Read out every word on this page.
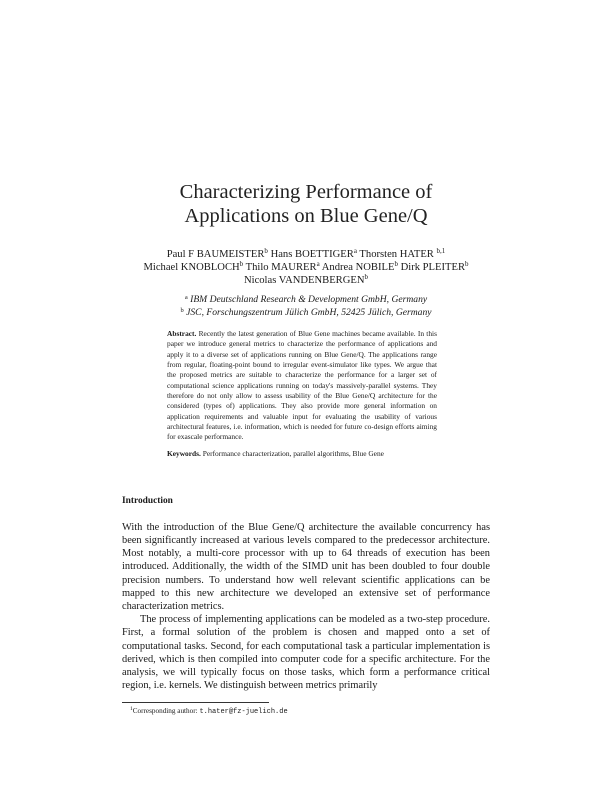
Characterizing Performance of
Applications on Blue Gene/Q
Paul F BAUMEISTER$^b$ Hans BOETTIGER$^a$ Thorsten HATER $^{b,1}$
Michael KNOBLOCH$^b$ Thilo MAURER$^a$ Andrea NOBILE$^b$ Dirk PLEITER$^b$
Nicolas VANDENBERGEN$^b$
$^a$ IBM Deutschland Research & Development GmbH, Germany
$^b$ JSC, Forschungszentrum Jülich GmbH, 52425 Jülich, Germany
Abstract. Recently the latest generation of Blue Gene machines became available. In this paper we introduce general metrics to characterize the performance of applications and apply it to a diverse set of applications running on Blue Gene/Q. The applications range from regular, floating-point bound to irregular event-simulator like types. We argue that the proposed metrics are suitable to characterize the performance for a larger set of computational science applications running on today's massively-parallel systems. They therefore do not only allow to assess usability of the Blue Gene/Q architecture for the considered (types of) applications. They also provide more general information on application requirements and valuable input for evaluating the usability of various architectural features, i.e. information, which is needed for future co-design efforts aiming for exascale performance.
Keywords. Performance characterization, parallel algorithms, Blue Gene
Introduction

With the introduction of the Blue Gene/Q architecture the available concurrency has been significantly increased at various levels compared to the predecessor architecture. Most notably, a multi-core processor with up to 64 threads of execution has been introduced. Additionally, the width of the SIMD unit has been doubled to four double precision numbers. To understand how well relevant scientific applications can be mapped to this new architecture we developed an extensive set of performance characterization metrics.

The process of implementing applications can be modeled as a two-step procedure. First, a formal solution of the problem is chosen and mapped onto a set of computational tasks. Second, for each computational task a particular implementation is derived, which is then compiled into computer code for a specific architecture. For the analysis, we will typically focus on those tasks, which form a performance critical region, i.e. kernels. We distinguish between metrics primarily

$^1$Corresponding author: t.hater@fz-juelich.de
